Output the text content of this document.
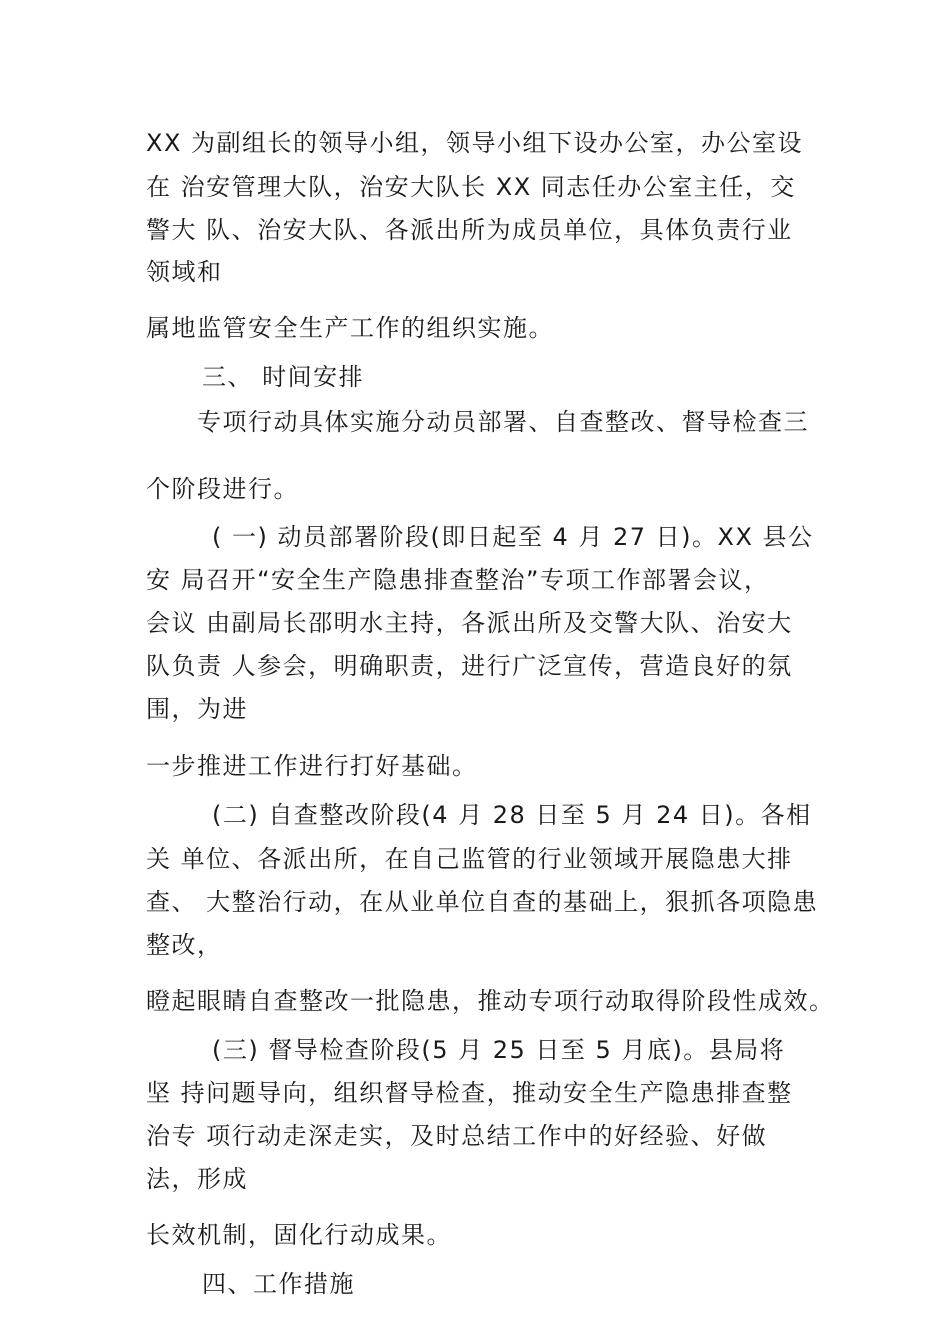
XX 为副组长的领导小组，领导小组下设办公室，办公室设

在 治安管理大队，治安大队长 XX 同志任办公室主任，交

警大 队、治安大队、各派出所为成员单位，具体负责行业

领域和

属地监管安全生产工作的组织实施。

三、 时间安排

专项行动具体实施分动员部署、自查整改、督导检查三

个阶段进行。

( 一) 动员部署阶段(即日起至 4 月 27 日)。XX 县公

安 局召开“安全生产隐患排查整治”专项工作部署会议，

会议 由副局长邵明水主持，各派出所及交警大队、治安大

队负责 人参会，明确职责，进行广泛宣传，营造良好的氛

围，为进

一步推进工作进行打好基础。

(二) 自查整改阶段(4 月 28 日至 5 月 24 日)。各相

关 单位、各派出所，在自己监管的行业领域开展隐患大排

查、 大整治行动，在从业单位自查的基础上，狠抓各项隐患

整改，

瞪起眼睛自查整改一批隐患，推动专项行动取得阶段性成效。

(三) 督导检查阶段(5 月 25 日至 5 月底)。县局将

坚 持问题导向，组织督导检查，推动安全生产隐患排查整

治专 项行动走深走实，及时总结工作中的好经验、好做

法，形成

长效机制，固化行动成果。

四、工作措施
